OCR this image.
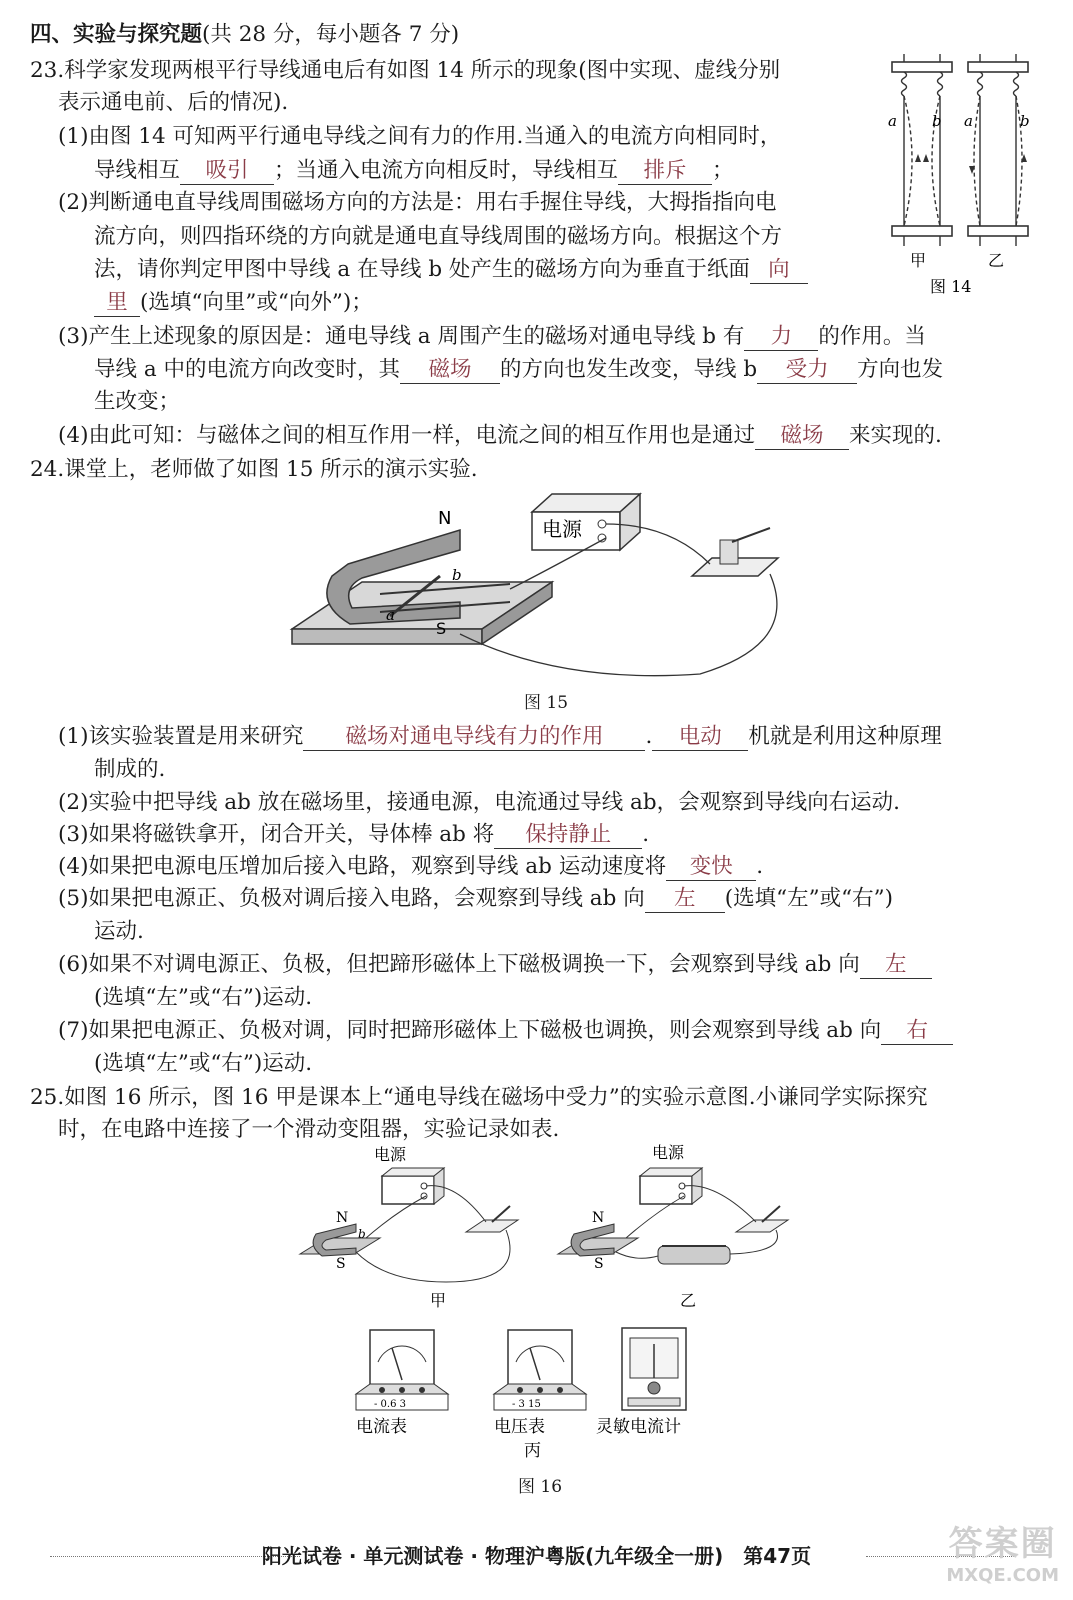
四、实验与探究题(共 28 分，每小题各 7 分)
23.科学家发现两根平行导线通电后有如图 14 所示的现象(图中实现、虚线分别
表示通电前、后的情况).
(1)由图 14 可知两平行通电导线之间有力的作用.当通入的电流方向相同时，
导线相互 吸引 ；当通入电流方向相反时，导线相互 排斥 ；
(2)判断通电直导线周围磁场方向的方法是：用右手握住导线，大拇指指向电
流方向，则四指环绕的方向就是通电直导线周围的磁场方向。根据这个方
法，请你判定甲图中导线 a 在导线 b 处产生的磁场方向为垂直于纸面 向
里 (选填“向里”或“向外”)；
(3)产生上述现象的原因是：通电导线 a 周围产生的磁场对通电导线 b 有 力 的作用。当
导线 a 中的电流方向改变时，其 磁场 的方向也发生改变，导线 b 受力 方向也发
生改变；
(4)由此可知：与磁体之间的相互作用一样，电流之间的相互作用也是通过 磁场 来实现的.
a b a	b
甲	乙
图 14
24.课堂上，老师做了如图 15 所示的演示实验.
电源
N
S
a
b
图 15
(1)该实验装置是用来研究 磁场对通电导线有力的作用 . 电动 机就是利用这种原理
制成的.
(2)实验中把导线 ab 放在磁场里，接通电源，电流通过导线 ab，会观察到导线向右运动.
(3)如果将磁铁拿开，闭合开关，导体棒 ab 将 保持静止 .
(4)如果把电源电压增加后接入电路，观察到导线 ab 运动速度将 变快 .
(5)如果把电源正、负极对调后接入电路，会观察到导线 ab 向 左 (选填“左”或“右”)
运动.
(6)如果不对调电源正、负极，但把蹄形磁体上下磁极调换一下，会观察到导线 ab 向 左
(选填“左”或“右”)运动.
(7)如果把电源正、负极对调，同时把蹄形磁体上下磁极也调换，则会观察到导线 ab 向 右
(选填“左”或“右”)运动.
25.如图 16 所示，图 16 甲是课本上“通电导线在磁场中受力”的实验示意图.小谦同学实际探究
时，在电路中连接了一个滑动变阻器，实验记录如表.
电源
N
S
b
甲
电源
N
S
乙
- 0.6 3	- 3 15
电流表	电压表	灵敏电流计
丙
图 16
阳光试卷 · 单元测试卷 · 物理沪粤版(九年级全一册)　第47页	答案圈
MXQE.COM
